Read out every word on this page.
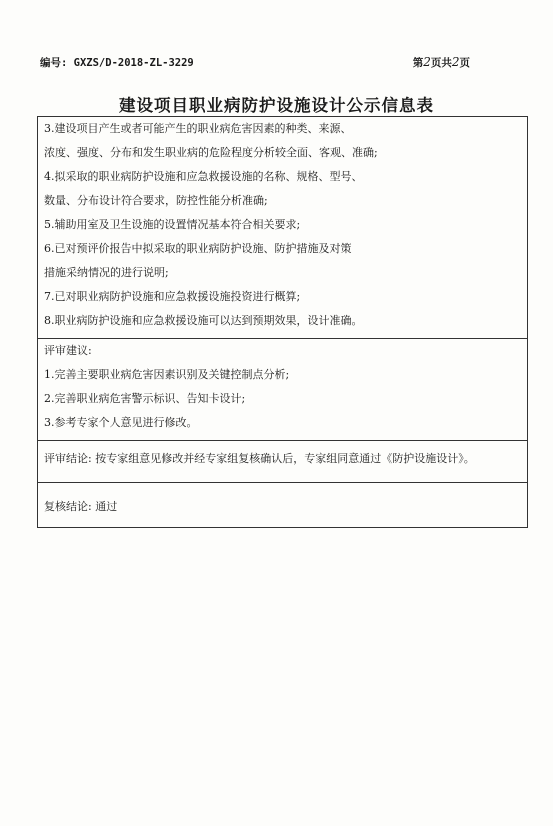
编号: GXZS/D-2018-ZL-3229	第2页共2页
建设项目职业病防护设施设计公示信息表
3.建设项目产生或者可能产生的职业病危害因素的种类、来源、
浓度、强度、分布和发生职业病的危险程度分析较全面、客观、准确;
4.拟采取的职业病防护设施和应急救援设施的名称、规格、型号、
数量、分布设计符合要求，防控性能分析准确;
5.辅助用室及卫生设施的设置情况基本符合相关要求;
6.已对预评价报告中拟采取的职业病防护设施、防护措施及对策
措施采纳情况的进行说明;
7.已对职业病防护设施和应急救援设施投资进行概算;
8.职业病防护设施和应急救援设施可以达到预期效果，设计准确。
评审建议:
1.完善主要职业病危害因素识别及关键控制点分析;
2.完善职业病危害警示标识、告知卡设计;
3.参考专家个人意见进行修改。
评审结论: 按专家组意见修改并经专家组复核确认后，专家组同意通过《防护设施设计》。
复核结论: 通过
